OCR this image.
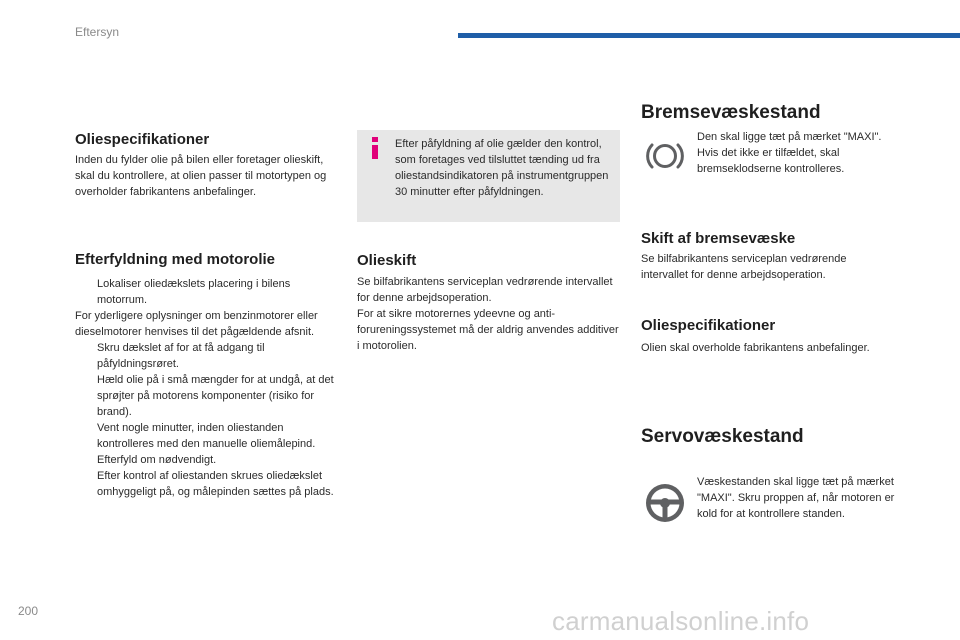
Eftersyn
200	carmanualsonline.info
Oliespecifikationer

Inden du fylder olie på bilen eller foretager olieskift, skal du kontrollere, at olien passer til motortypen og overholder fabrikantens anbefalinger.

Efterfyldning med motorolie

Lokaliser oliedækslets placering i bilens motorrum.

For yderligere oplysninger om benzinmotorer eller dieselmotorer henvises til det pågældende afsnit.

Skru dækslet af for at få adgang til påfyldningsrøret.

Hæld olie på i små mængder for at undgå, at det sprøjter på motorens komponenter (risiko for brand).

Vent nogle minutter, inden oliestanden kontrolleres med den manuelle oliemålepind.

Efterfyld om nødvendigt.

Efter kontrol af oliestanden skrues oliedækslet omhyggeligt på, og målepinden sættes på plads.

Efter påfyldning af olie gælder den kontrol, som foretages ved tilsluttet tænding ud fra oliestandsindikatoren på instrumentgruppen 30 minutter efter påfyldningen.

Olieskift

Se bilfabrikantens serviceplan vedrørende intervallet for denne arbejdsoperation.
For at sikre motorernes ydeevne og anti-forureningssystemet må der aldrig anvendes additiver i motorolien.

Bremsevæskestand

Den skal ligge tæt på mærket "MAXI". Hvis det ikke er tilfældet, skal bremseklodserne kontrolleres.

Skift af bremsevæske

Se bilfabrikantens serviceplan vedrørende intervallet for denne arbejdsoperation.

Oliespecifikationer

Olien skal overholde fabrikantens anbefalinger.

Servovæskestand

Væskestanden skal ligge tæt på mærket "MAXI". Skru proppen af, når motoren er kold for at kontrollere standen.
